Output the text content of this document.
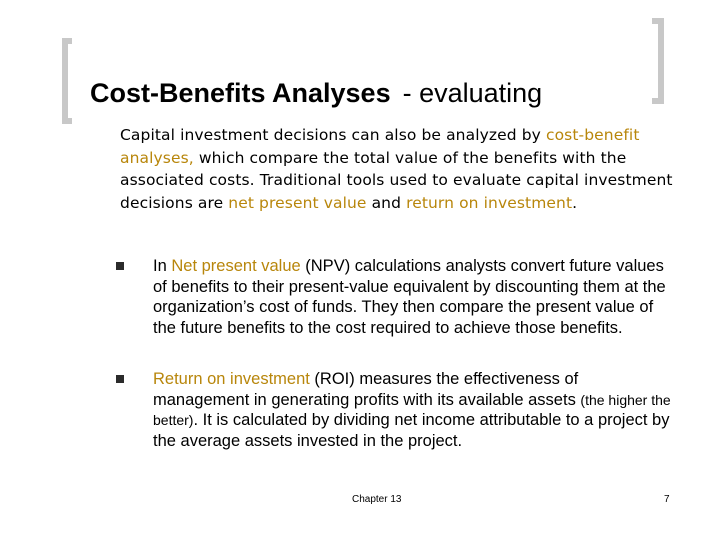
Cost-Benefits Analyses - evaluating
Capital investment decisions can also be analyzed by cost-benefit analyses, which compare the total value of the benefits with the associated costs. Traditional tools used to evaluate capital investment decisions are net present value and return on investment.
In Net present value (NPV) calculations analysts convert future values of benefits to their present-value equivalent by discounting them at the organization’s cost of funds. They then compare the present value of the future benefits to the cost required to achieve those benefits.
Return on investment (ROI) measures the effectiveness of management in generating profits with its available assets (the higher the better). It is calculated by dividing net income attributable to a project by the average assets invested in the project.
Chapter 13	7
